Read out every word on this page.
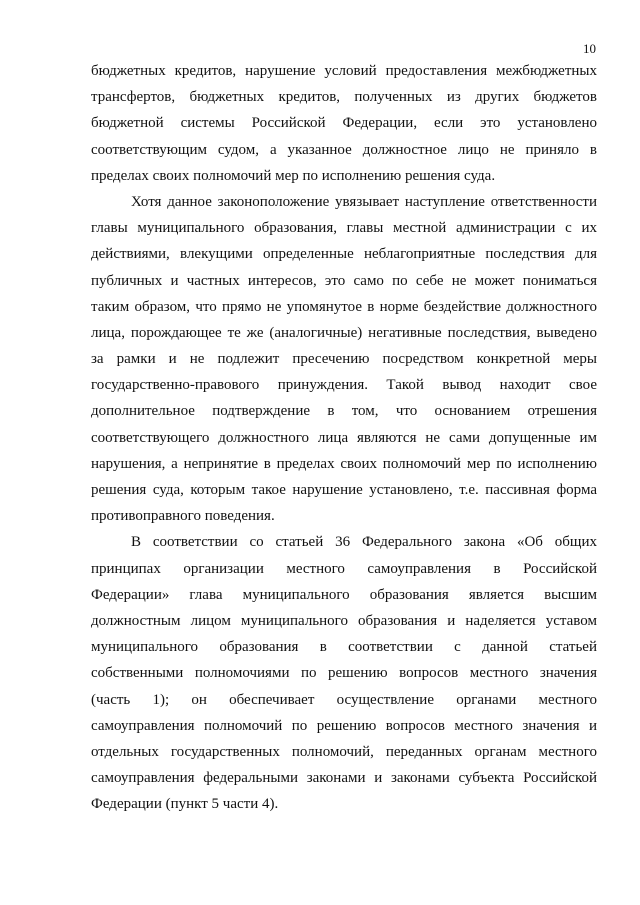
10
бюджетных кредитов, нарушение условий предоставления межбюджетных
трансфертов, бюджетных кредитов, полученных из других бюджетов
бюджетной системы Российской Федерации, если это установлено
соответствующим судом, а указанное должностное лицо не приняло в
пределах своих полномочий мер по исполнению решения суда.
Хотя данное законоположение увязывает наступление ответственности
главы муниципального образования, главы местной администрации с их
действиями, влекущими определенные неблагоприятные последствия для
публичных и частных интересов, это само по себе не может пониматься
таким образом, что прямо не упомянутое в норме бездействие должностного
лица, порождающее те же (аналогичные) негативные последствия, выведено
за рамки и не подлежит пресечению посредством конкретной меры
государственно-правового принуждения. Такой вывод находит свое
дополнительное подтверждение в том, что основанием отрешения
соответствующего должностного лица являются не сами допущенные им
нарушения, а непринятие в пределах своих полномочий мер по исполнению
решения суда, которым такое нарушение установлено, т.е. пассивная форма
противоправного поведения.
В соответствии со статьей 36 Федерального закона «Об общих
принципах организации местного самоуправления в Российской
Федерации» глава муниципального образования является высшим
должностным лицом муниципального образования и наделяется уставом
муниципального образования в соответствии с данной статьей
собственными полномочиями по решению вопросов местного значения
(часть 1); он обеспечивает осуществление органами местного
самоуправления полномочий по решению вопросов местного значения и
отдельных государственных полномочий, переданных органам местного
самоуправления федеральными законами и законами субъекта Российской
Федерации (пункт 5 части 4).
